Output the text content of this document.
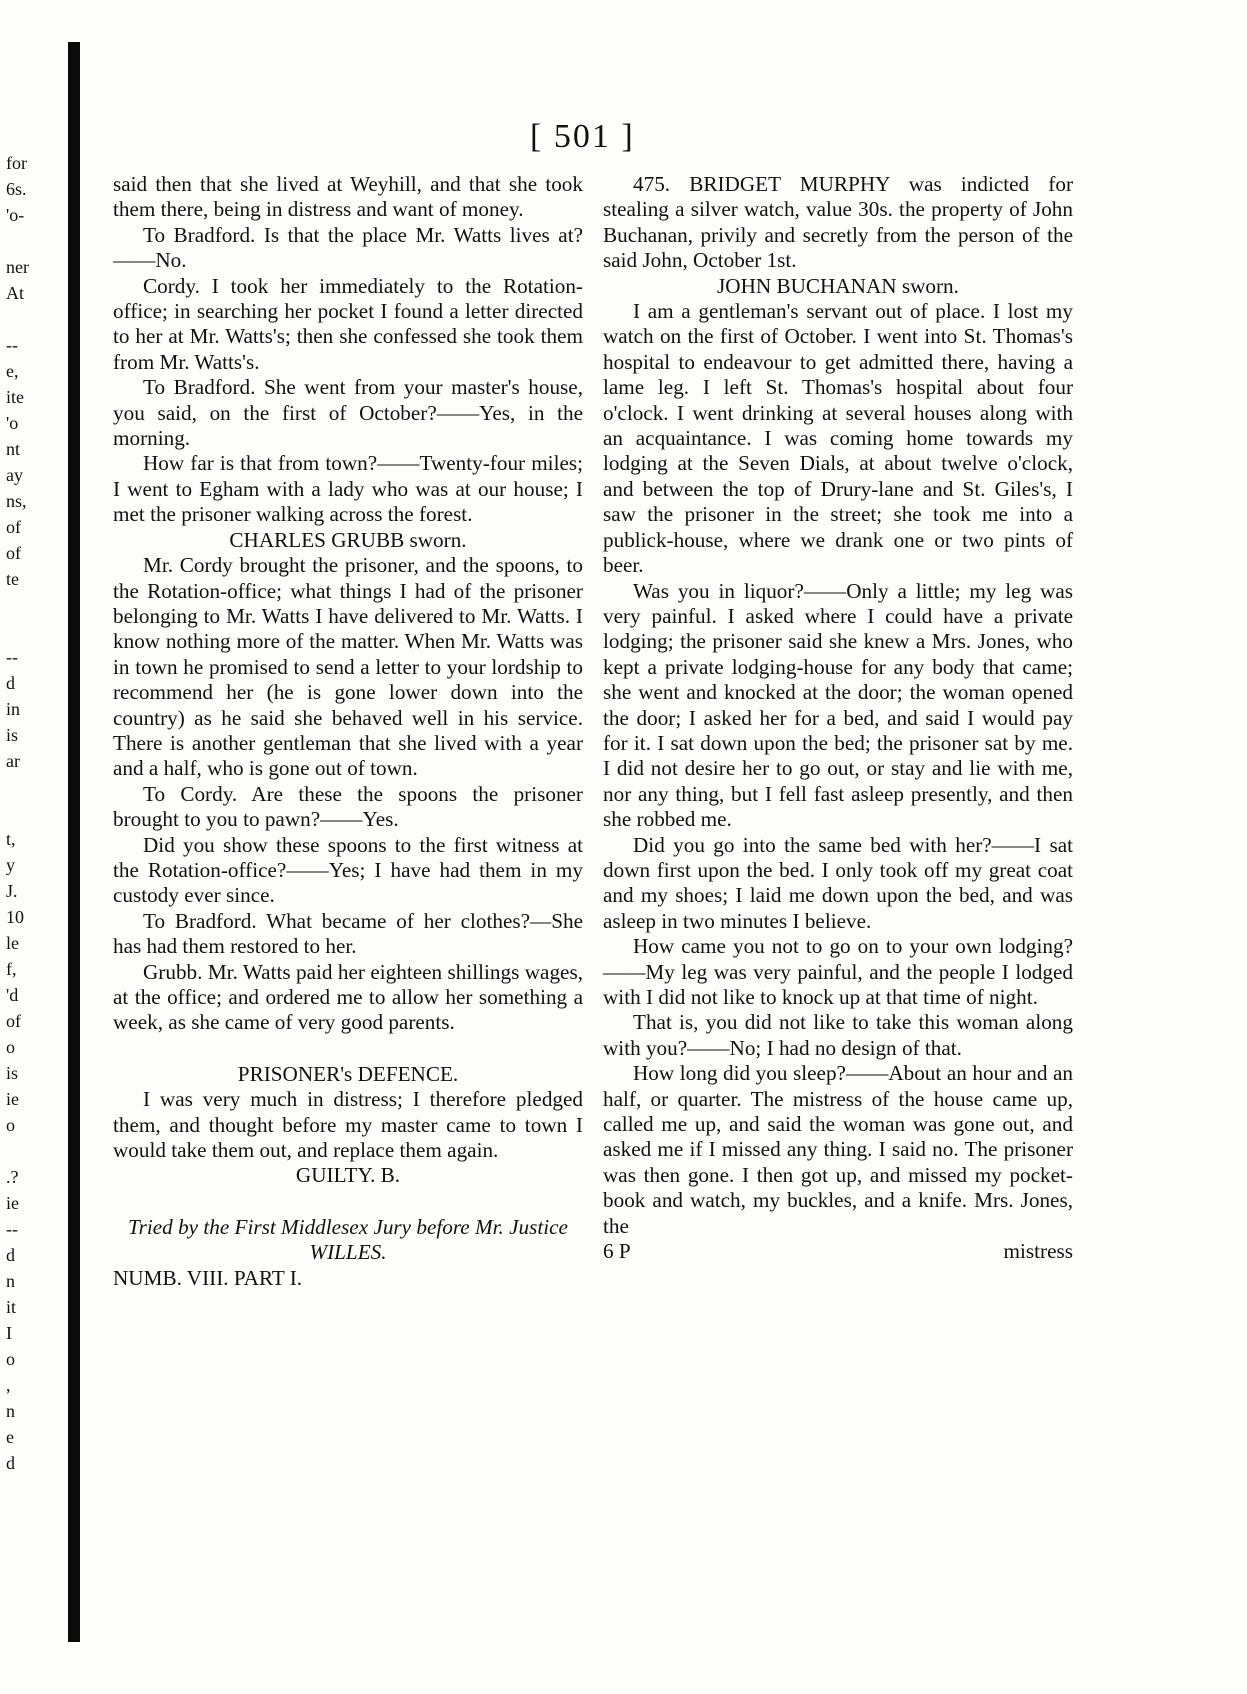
for
6s.
'o-
ner
At
--
e,
ite
'o
nt
ay
ns,
of
of
te
--
d
in
is
ar
t,
y
J.
10
le
f,
'd
of
o
is
ie
o
.?
ie
--
d
n
it
I
o
,
n
e
d
[ 501 ]

said then that she lived at Weyhill, and that she took them there, being in distress and want of money.

To Bradford. Is that the place Mr. Watts lives at?——No.

Cordy. I took her immediately to the Rotation-office; in searching her pocket I found a letter directed to her at Mr. Watts's; then she confessed she took them from Mr. Watts's.

To Bradford. She went from your master's house, you said, on the first of October?——Yes, in the morning.

How far is that from town?——Twenty-four miles; I went to Egham with a lady who was at our house; I met the prisoner walking across the forest.

CHARLES GRUBB sworn.

Mr. Cordy brought the prisoner, and the spoons, to the Rotation-office; what things I had of the prisoner belonging to Mr. Watts I have delivered to Mr. Watts. I know nothing more of the matter. When Mr. Watts was in town he promised to send a letter to your lordship to recommend her (he is gone lower down into the country) as he said she behaved well in his service. There is another gentleman that she lived with a year and a half, who is gone out of town.

To Cordy. Are these the spoons the prisoner brought to you to pawn?——Yes.

Did you show these spoons to the first witness at the Rotation-office?——Yes; I have had them in my custody ever since.

To Bradford. What became of her clothes?—She has had them restored to her.

Grubb. Mr. Watts paid her eighteen shillings wages, at the office; and ordered me to allow her something a week, as she came of very good parents.

PRISONER's DEFENCE.

I was very much in distress; I therefore pledged them, and thought before my master came to town I would take them out, and replace them again.

GUILTY. B.

Tried by the First Middlesex Jury before Mr. Justice WILLES.

NUMB. VIII. PART I.

475. BRIDGET MURPHY was indicted for stealing a silver watch, value 30s. the property of John Buchanan, privily and secretly from the person of the said John, October 1st.

JOHN BUCHANAN sworn.

I am a gentleman's servant out of place. I lost my watch on the first of October. I went into St. Thomas's hospital to endeavour to get admitted there, having a lame leg. I left St. Thomas's hospital about four o'clock. I went drinking at several houses along with an acquaintance. I was coming home towards my lodging at the Seven Dials, at about twelve o'clock, and between the top of Drury-lane and St. Giles's, I saw the prisoner in the street; she took me into a publick-house, where we drank one or two pints of beer.

Was you in liquor?——Only a little; my leg was very painful. I asked where I could have a private lodging; the prisoner said she knew a Mrs. Jones, who kept a private lodging-house for any body that came; she went and knocked at the door; the woman opened the door; I asked her for a bed, and said I would pay for it. I sat down upon the bed; the prisoner sat by me. I did not desire her to go out, or stay and lie with me, nor any thing, but I fell fast asleep presently, and then she robbed me.

Did you go into the same bed with her?——I sat down first upon the bed. I only took off my great coat and my shoes; I laid me down upon the bed, and was asleep in two minutes I believe.

How came you not to go on to your own lodging?——My leg was very painful, and the people I lodged with I did not like to knock up at that time of night.

That is, you did not like to take this woman along with you?——No; I had no design of that.

How long did you sleep?——About an hour and an half, or quarter. The mistress of the house came up, called me up, and said the woman was gone out, and asked me if I missed any thing. I said no. The prisoner was then gone. I then got up, and missed my pocket-book and watch, my buckles, and a knife. Mrs. Jones, the

6 P	mistress
